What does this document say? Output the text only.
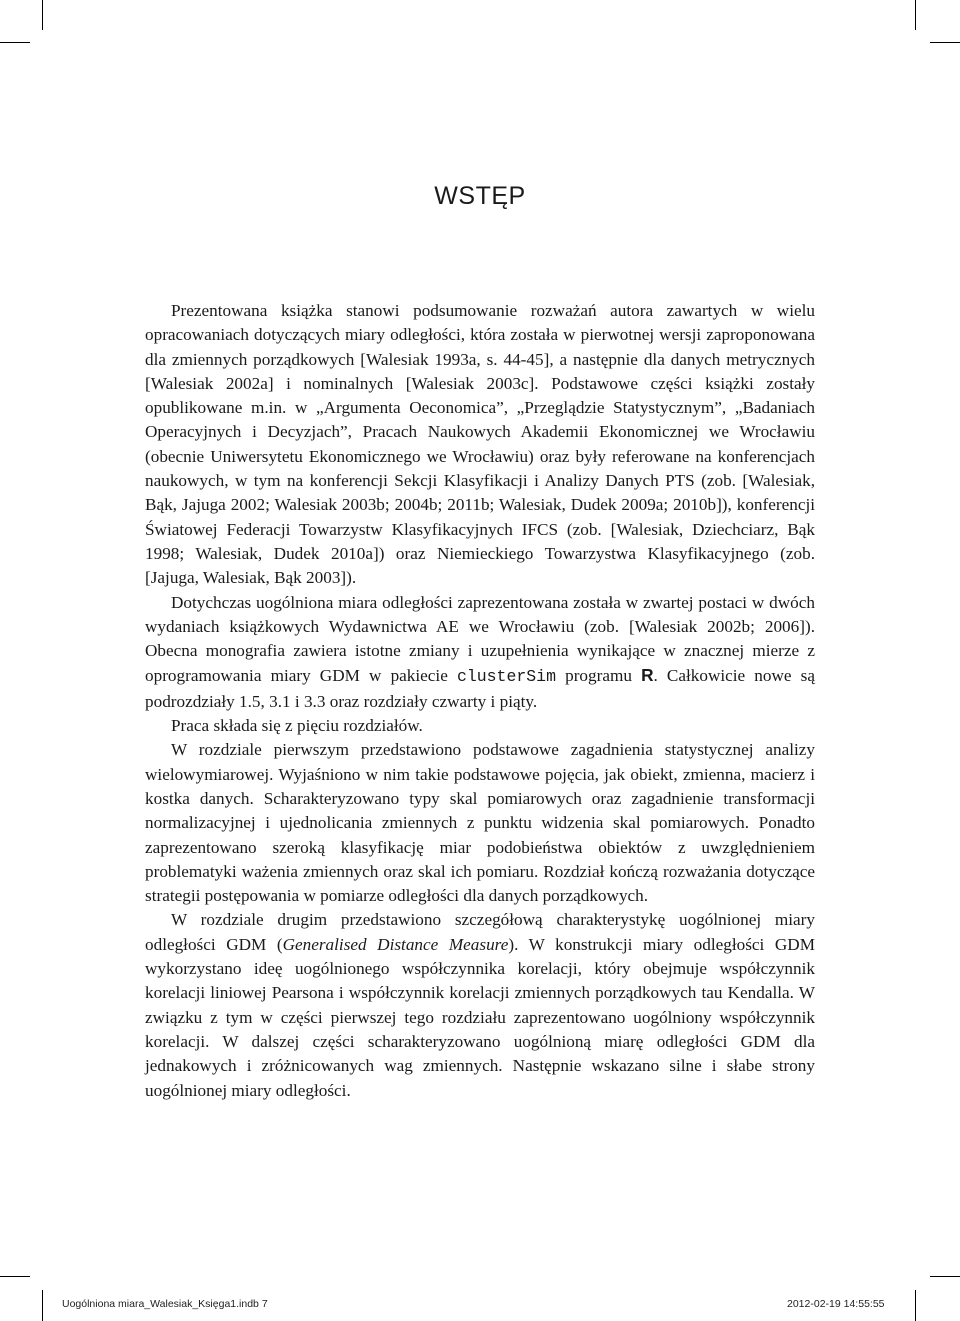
WSTĘP

Prezentowana książka stanowi podsumowanie rozważań autora zawartych w wielu opracowaniach dotyczących miary odległości, która została w pierwotnej wersji zaproponowana dla zmiennych porządkowych [Walesiak 1993a, s. 44-45], a następnie dla danych metrycznych [Walesiak 2002a] i nominalnych [Walesiak 2003c]. Podstawowe części książki zostały opublikowane m.in. w „Argumenta Oeconomica”, „Przeglądzie Statystycznym”, „Badaniach Operacyjnych i Decyzjach”, Pracach Naukowych Akademii Ekonomicznej we Wrocławiu (obecnie Uniwersytetu Ekonomicznego we Wrocławiu) oraz były referowane na konferencjach naukowych, w tym na konferencji Sekcji Klasyfikacji i Analizy Danych PTS (zob. [Walesiak, Bąk, Jajuga 2002; Walesiak 2003b; 2004b; 2011b; Walesiak, Dudek 2009a; 2010b]), konferencji Światowej Federacji Towarzystw Klasyfikacyjnych IFCS (zob. [Walesiak, Dziechciarz, Bąk 1998; Walesiak, Dudek 2010a]) oraz Niemieckiego Towarzystwa Klasyfikacyjnego (zob. [Jajuga, Walesiak, Bąk 2003]).

Dotychczas uogólniona miara odległości zaprezentowana została w zwartej postaci w dwóch wydaniach książkowych Wydawnictwa AE we Wrocławiu (zob. [Walesiak 2002b; 2006]). Obecna monografia zawiera istotne zmiany i uzupełnienia wynikające w znacznej mierze z oprogramowania miary GDM w pakiecie clusterSim programu R. Całkowicie nowe są podrozdziały 1.5, 3.1 i 3.3 oraz rozdziały czwarty i piąty.

Praca składa się z pięciu rozdziałów.

W rozdziale pierwszym przedstawiono podstawowe zagadnienia statystycznej analizy wielowymiarowej. Wyjaśniono w nim takie podstawowe pojęcia, jak obiekt, zmienna, macierz i kostka danych. Scharakteryzowano typy skal pomiarowych oraz zagadnienie transformacji normalizacyjnej i ujednolicania zmiennych z punktu widzenia skal pomiarowych. Ponadto zaprezentowano szeroką klasyfikację miar podobieństwa obiektów z uwzględnieniem problematyki ważenia zmiennych oraz skal ich pomiaru. Rozdział kończą rozważania dotyczące strategii postępowania w pomiarze odległości dla danych porządkowych.

W rozdziale drugim przedstawiono szczegółową charakterystykę uogólnionej miary odległości GDM (Generalised Distance Measure). W konstrukcji miary odległości GDM wykorzystano ideę uogólnionego współczynnika korelacji, który obejmuje współczynnik korelacji liniowej Pearsona i współczynnik korelacji zmiennych porządkowych tau Kendalla. W związku z tym w części pierwszej tego rozdziału zaprezentowano uogólniony współczynnik korelacji. W dalszej części scharakteryzowano uogólnioną miarę odległości GDM dla jednakowych i zróżnicowanych wag zmiennych. Następnie wskazano silne i słabe strony uogólnionej miary odległości.

Uogólniona miara_Walesiak_Księga1.indb 7	2012-02-19 14:55:55
